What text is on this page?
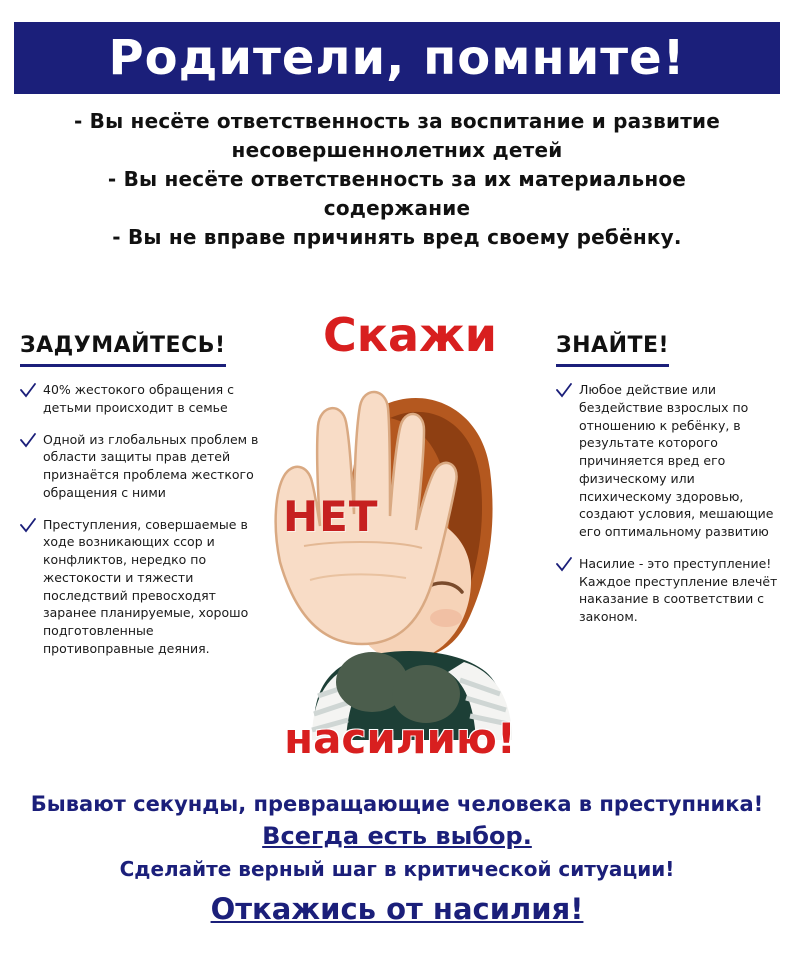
Родители, помните!
- Вы несёте ответственность за воспитание и развитие
несовершеннолетних детей
- Вы несёте ответственность за их материальное
содержание
- Вы не вправе причинять вред своему ребёнку.
Скажи
НЕТ
насилию!
ЗАДУМАЙТЕСЬ!
40% жестокого обращения с детьми происходит в семье
Одной из глобальных проблем в области защиты прав детей признаётся проблема жесткого обращения с ними
Преступления, совершаемые в ходе возникающих ссор и конфликтов, нередко по жестокости и тяжести последствий превосходят заранее планируемые, хорошо подготовленные противоправные деяния.
ЗНАЙТЕ!
Любое действие или бездействие взрослых по отношению к ребёнку, в результате которого причиняется вред его физическому или психическому здоровью, создают условия, мешающие его оптимальному развитию
Насилие - это преступление! Каждое преступление влечёт наказание в соответствии с законом.
Бывают секунды, превращающие человека в преступника!
Всегда есть выбор.
Сделайте верный шаг в критической ситуации!
Откажись от насилия!
